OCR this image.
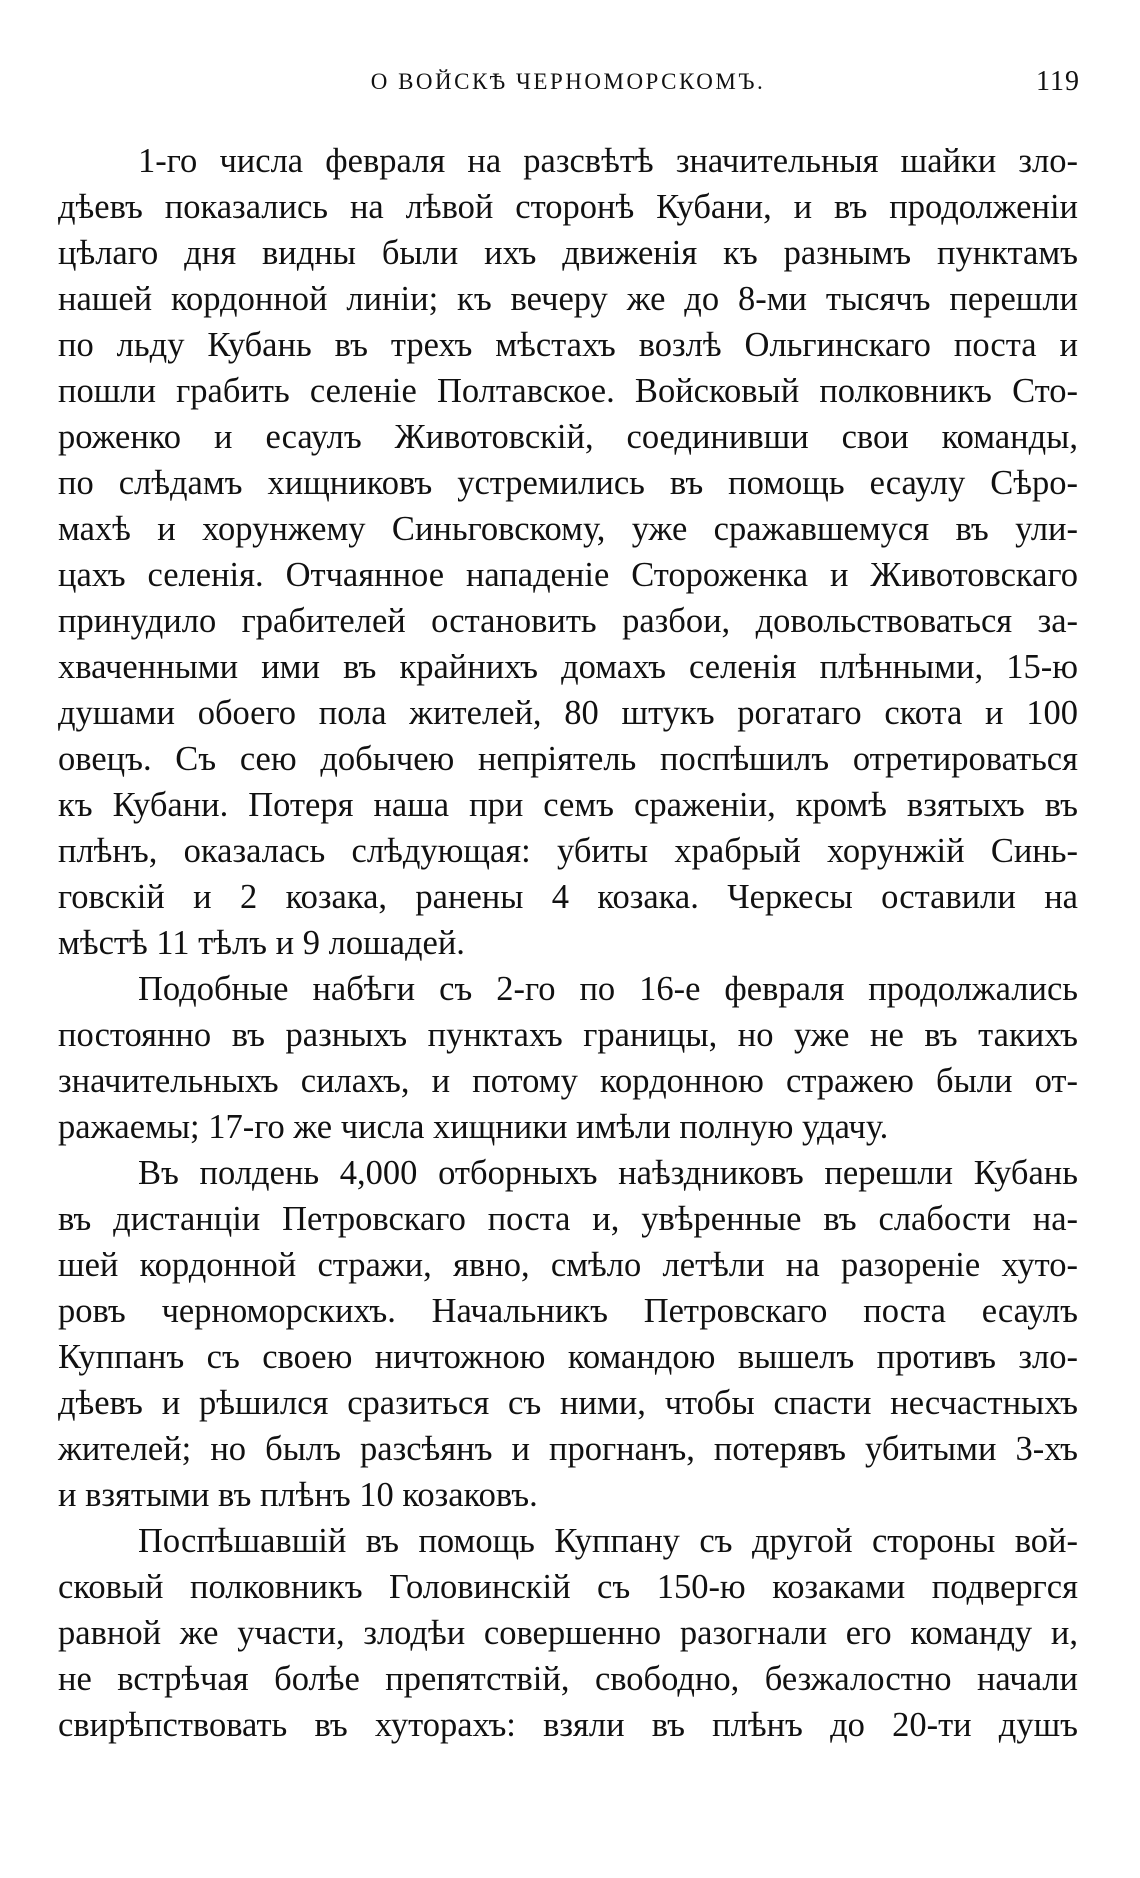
О ВОЙСКѢ ЧЕРНОМОРСКОМЪ.	119
1-го числа февраля на разсвѣтѣ значительныя шайки зло-
дѣевъ показались на лѣвой сторонѣ Кубани, и въ продолженіи
цѣлаго дня видны были ихъ движенія къ разнымъ пунктамъ
нашей кордонной линіи; къ вечеру же до 8-ми тысячъ перешли
по льду Кубань въ трехъ мѣстахъ возлѣ Ольгинскаго поста и
пошли грабить селеніе Полтавское. Войсковый полковникъ Сто-
роженко и есаулъ Животовскій, соединивши свои команды,
по слѣдамъ хищниковъ устремились въ помощь есаулу Сѣро-
махѣ и хорунжему Синьговскому, уже сражавшемуся въ ули-
цахъ селенія. Отчаянное нападеніе Стороженка и Животовскаго
принудило грабителей остановить разбои, довольствоваться за-
хваченными ими въ крайнихъ домахъ селенія плѣнными, 15-ю
душами обоего пола жителей, 80 штукъ рогатаго скота и 100
овецъ. Съ сею добычею непріятель поспѣшилъ отретироваться
къ Кубани. Потеря наша при семъ сраженіи, кромѣ взятыхъ въ
плѣнъ, оказалась слѣдующая: убиты храбрый хорунжій Синь-
говскій и 2 козака, ранены 4 козака. Черкесы оставили на
мѣстѣ 11 тѣлъ и 9 лошадей.
Подобные набѣги съ 2-го по 16-е февраля продолжались
постоянно въ разныхъ пунктахъ границы, но уже не въ такихъ
значительныхъ силахъ, и потому кордонною стражею были от-
ражаемы; 17-го же числа хищники имѣли полную удачу.
Въ полдень 4,000 отборныхъ наѣздниковъ перешли Кубань
въ дистанціи Петровскаго поста и, увѣренные въ слабости на-
шей кордонной стражи, явно, смѣло летѣли на разореніе хуто-
ровъ черноморскихъ. Начальникъ Петровскаго поста есаулъ
Куппанъ съ своею ничтожною командою вышелъ противъ зло-
дѣевъ и рѣшился сразиться съ ними, чтобы спасти несчастныхъ
жителей; но былъ разсѣянъ и прогнанъ, потерявъ убитыми 3-хъ
и взятыми въ плѣнъ 10 козаковъ.
Поспѣшавшій въ помощь Куппану съ другой стороны вой-
сковый полковникъ Головинскій съ 150-ю козаками подвергся
равной же участи, злодѣи совершенно разогнали его команду и,
не встрѣчая болѣе препятствій, свободно, безжалостно начали
свирѣпствовать въ хуторахъ: взяли въ плѣнъ до 20-ти душъ
